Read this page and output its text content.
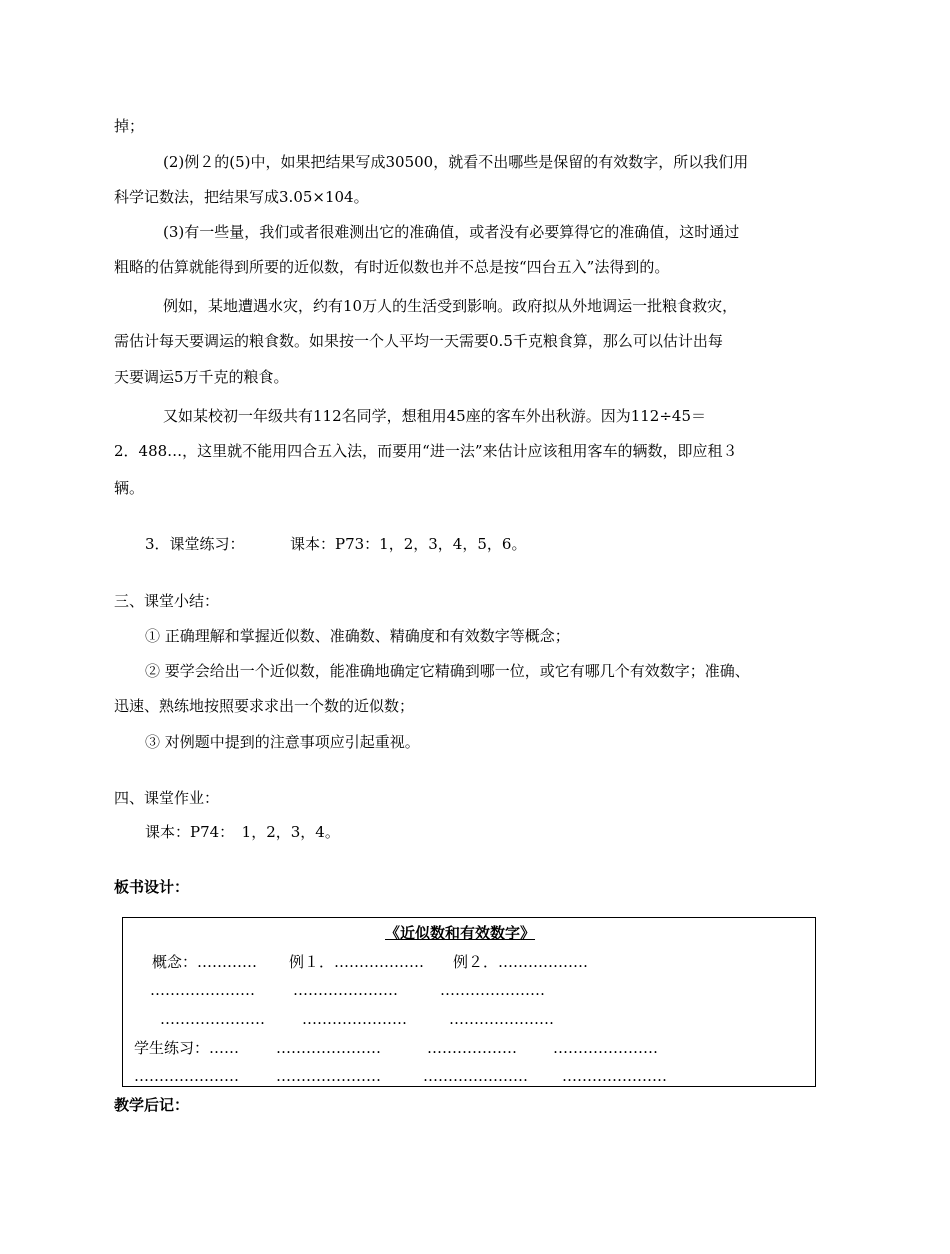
掉；
(2)例２的(5)中，如果把结果写成30500，就看不出哪些是保留的有效数字，所以我们用
科学记数法，把结果写成3.05×104。
(3)有一些量，我们或者很难测出它的准确值，或者没有必要算得它的准确值，这时通过
粗略的估算就能得到所要的近似数，有时近似数也并不总是按“四台五入”法得到的。
例如，某地遭遇水灾，约有10万人的生活受到影响。政府拟从外地调运一批粮食救灾，
需估计每天要调运的粮食数。如果按一个人平均一天需要0.5千克粮食算，那么可以估计出每
天要调运5万千克的粮食。
又如某校初一年级共有112名同学，想租用45座的客车外出秋游。因为112÷45＝
2．488…，这里就不能用四合五入法，而要用“进一法”来估计应该租用客车的辆数，即应租３
辆。
3．课堂练习：	课本：P73：1，2，3，4，5，6。
三、课堂小结：
① 正确理解和掌握近似数、准确数、精确度和有效数字等概念；
② 要学会给出一个近似数，能准确地确定它精确到哪一位，或它有哪几个有效数字；准确、
迅速、熟练地按照要求求出一个数的近似数；
③ 对例题中提到的注意事项应引起重视。
四、课堂作业：
课本：P74：　1，2，3，4。
板书设计：
《近似数和有效数字》
概念：………… 例１．……………… 例２．………………
…………………	…………………	…………………
………………… …………………	…………………
学生练习：…… …………………	……………… …………………
………………… …………………	………………… …………………
教学后记：
